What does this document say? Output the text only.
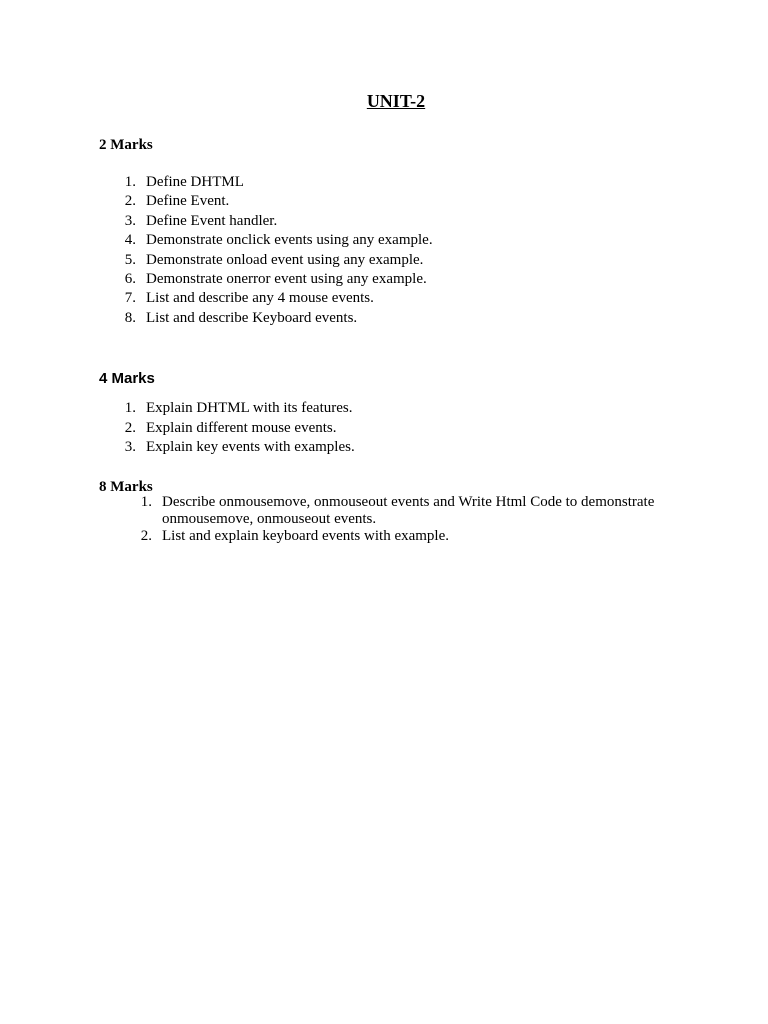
UNIT-2
2 Marks
1. Define DHTML
2. Define Event.
3. Define Event handler.
4. Demonstrate onclick events using any example.
5. Demonstrate onload event using any example.
6. Demonstrate onerror event using any example.
7. List and describe any 4 mouse events.
8. List and describe Keyboard events.
4 Marks
1. Explain DHTML with its features.
2. Explain different mouse events.
3. Explain key events with examples.
8 Marks
1. Describe onmousemove, onmouseout events and Write Html Code to demonstrate onmousemove, onmouseout events.
2. List and explain keyboard events with example.
